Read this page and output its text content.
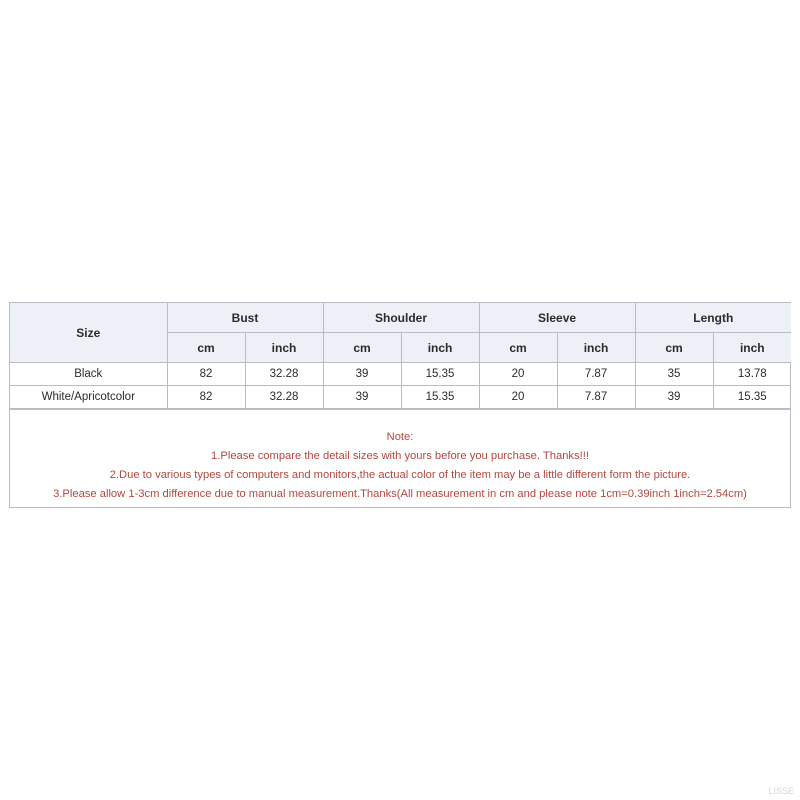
Size	Bust		Shoulder		Sleeve		Length	
	cm	inch	cm	inch	cm	inch	cm	inch
Black	82	32.28	39	15.35	20	7.87	35	13.78
White/Apricotcolor	82	32.28	39	15.35	20	7.87	39	15.35
Note:
1.Please compare the detail sizes with yours before you purchase. Thanks!!!
2.Due to various types of computers and monitors,the actual color of the item may be a little different form the picture.
3.Please allow 1-3cm difference due to manual measurement.Thanks(All measurement in cm and please note 1cm=0.39inch 1inch=2.54cm)
LISSE
